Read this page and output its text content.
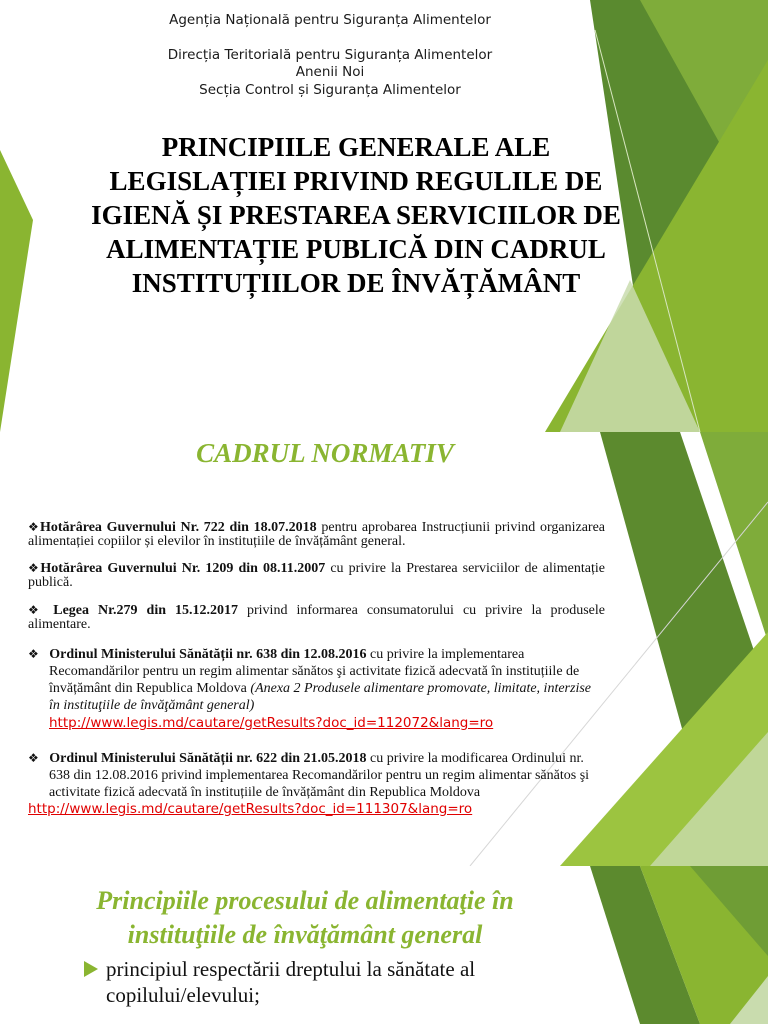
Agenția Națională pentru Siguranța Alimentelor

Direcția Teritorială pentru Siguranța Alimentelor

Anenii Noi

Secția Control și Siguranța Alimentelor

PRINCIPIILE GENERALE ALE
LEGISLAȚIEI PRIVIND REGULILE DE
IGIENĂ ȘI PRESTAREA SERVICIILOR DE
ALIMENTAȚIE PUBLICĂ DIN CADRUL
INSTITUȚIILOR DE ÎNVĂȚĂMÂNT

CADRUL NORMATIV

❖Hotărârea Guvernului Nr. 722 din 18.07.2018 pentru aprobarea Instrucțiunii privind organizarea alimentației copiilor și elevilor în instituțiile de învățământ general.
❖Hotărârea Guvernului Nr. 1209 din 08.11.2007 cu privire la Prestarea serviciilor de alimentație publică.
❖ Legea Nr.279 din 15.12.2017 privind informarea consumatorului cu privire la produsele alimentare.
❖ Ordinul Ministerului Sănătății nr. 638 din 12.08.2016 cu privire la implementarea Recomandărilor pentru un regim alimentar sănătos şi activitate fizică adecvată în instituțiile de învățământ din Republica Moldova (Anexa 2 Produsele alimentare promovate, limitate, interzise în instituţiile de învăţământ general)
http://www.legis.md/cautare/getResults?doc_id=112072&lang=ro
❖ Ordinul Ministerului Sănătății nr. 622 din 21.05.2018 cu privire la modificarea Ordinului nr. 638 din 12.08.2016 privind implementarea Recomandărilor pentru un regim alimentar sănătos şi activitate fizică adecvată în instituțiile de învățământ din Republica Moldova
http://www.legis.md/cautare/getResults?doc_id=111307&lang=ro
Principiile procesului de alimentaţie în
instituţiile de învăţământ general
principiul respectării dreptului la sănătate al copilului/elevului;
